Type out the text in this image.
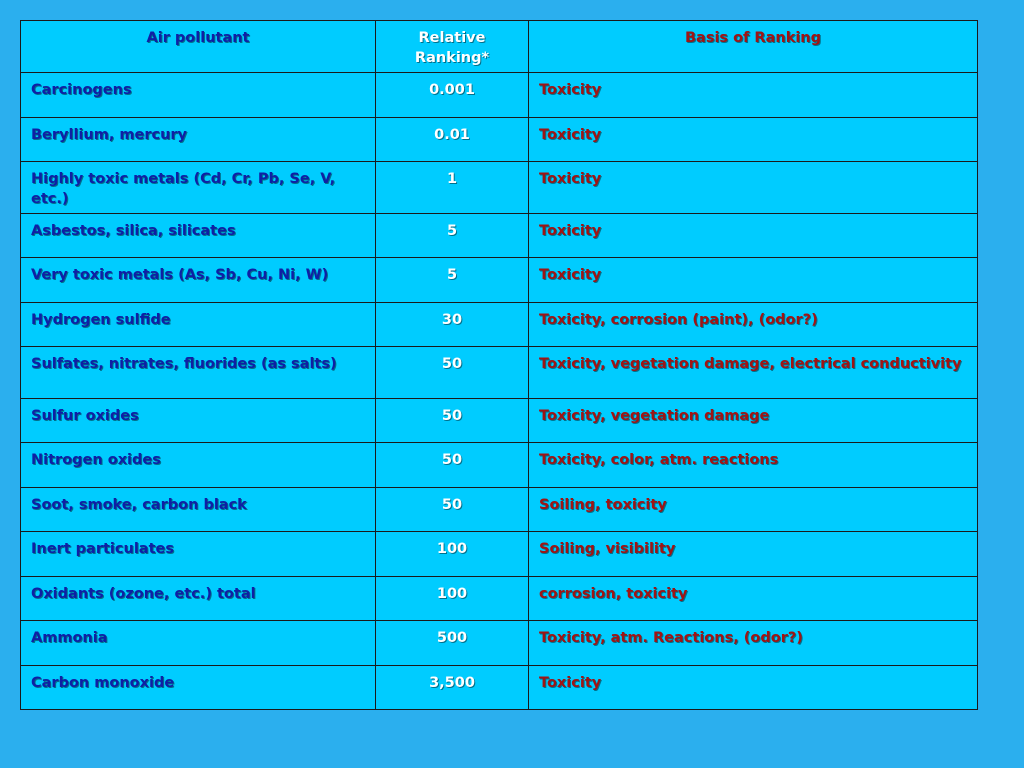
Air pollutant	Relative Ranking*	Basis of Ranking
Carcinogens	0.001	Toxicity
Beryllium, mercury	0.01	Toxicity
Highly toxic metals (Cd, Cr, Pb, Se, V, etc.)	1	Toxicity
Asbestos, silica, silicates	5	Toxicity
Very toxic metals (As, Sb, Cu, Ni, W)	5	Toxicity
Hydrogen sulfide	30	Toxicity, corrosion (paint), (odor?)
Sulfates, nitrates, fluorides (as salts)	50	Toxicity, vegetation damage, electrical conductivity
Sulfur oxides	50	Toxicity, vegetation damage
Nitrogen oxides	50	Toxicity, color, atm. reactions
Soot, smoke, carbon black	50	Soiling, toxicity
Inert particulates	100	Soiling, visibility
Oxidants (ozone, etc.) total	100	corrosion, toxicity
Ammonia	500	Toxicity, atm. Reactions, (odor?)
Carbon monoxide	3,500	Toxicity
